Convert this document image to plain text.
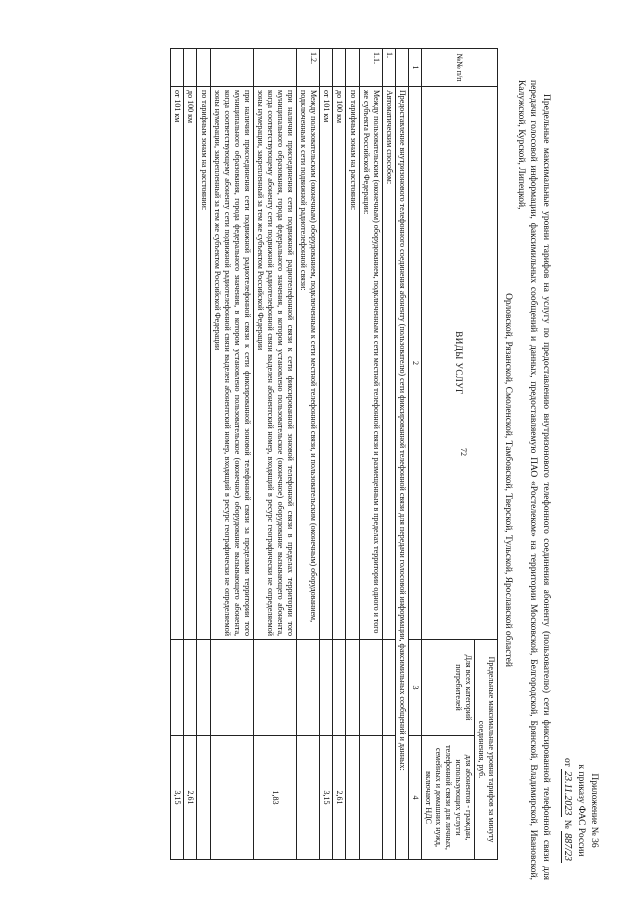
72
Приложение № 36
к приказу ФАС России
от 23.11.2023 № 887/23
Предельные максимальные уровни тарифов на услугу по предоставлению внутризонового телефонного соединения абоненту (пользователю) сети фиксированной телефонной связи для передачи голосовой информации, факсимильных сообщений и данных, предоставляемую ПАО «Ростелеком» на территории Московской, Белгородской, Брянской, Владимирской, Ивановской, Калужской, Курской, Липецкой,
Орловской, Рязанской, Смоленской, Тамбовской, Тверской, Тульской, Ярославской областей
№№ п/п	ВИДЫ УСЛУГ	Предельные максимальные уровни тарифов за минуту соединения, руб.	
		Для всех категорий потребителей	для абонентов - граждан, использующих услуги телефонной связи для личных, семейных и домашних нужд, включают НДС
1	2	3	4
	Предоставление внутризонового телефонного соединения абоненту (пользователю) сети фиксированной телефонной связи для передачи голосовой информации, факсимильных сообщений и данных:		
1.	Автоматическим способом:		
1.1.	Между пользовательским (оконечным) оборудованием, подключенным к сети местной телефонной связи и размещенным в пределах территории одного и того же субъекта Российской Федерации:		
	по тарифным зонам на расстоянии:		
	до 100 км		2,61
	от 101 км		3,15
1.2.	Между пользовательским (оконечным) оборудованием, подключенным к сети местной телефонной связи, и пользовательским (оконечным) оборудованием, подключенным к сети подвижной радиотелефонной связи:		
	при наличии присоединения сети подвижной радиотелефонной связи к сети фиксированной зоновой телефонной связи в пределах территории того муниципального образования, города федерального значения, в котором установлено пользовательское (оконечное) оборудование вызывающего абонента, когда соответствующему абоненту сети подвижной радиотелефонной связи выделен абонентский номер, входящий в ресурс географически не определяемой зоны нумерации, закрепленный за тем же субъектом Российской Федерации		1,83
	при наличии присоединения сети подвижной радиотелефонной связи к сети фиксированной зоновой телефонной связи за пределами территории того муниципального образования, города федерального значения, в котором установлено пользовательское (оконечное) оборудование вызывающего абонента, когда соответствующему абоненту сети подвижной радиотелефонной связи выделен абонентский номер, входящий в ресурс географически не определяемой зоны нумерации, закрепленный за тем же субъектом Российской Федерации		
	по тарифным зонам на расстоянии:		
	до 100 км		2,61
	от 101 км		3,15
